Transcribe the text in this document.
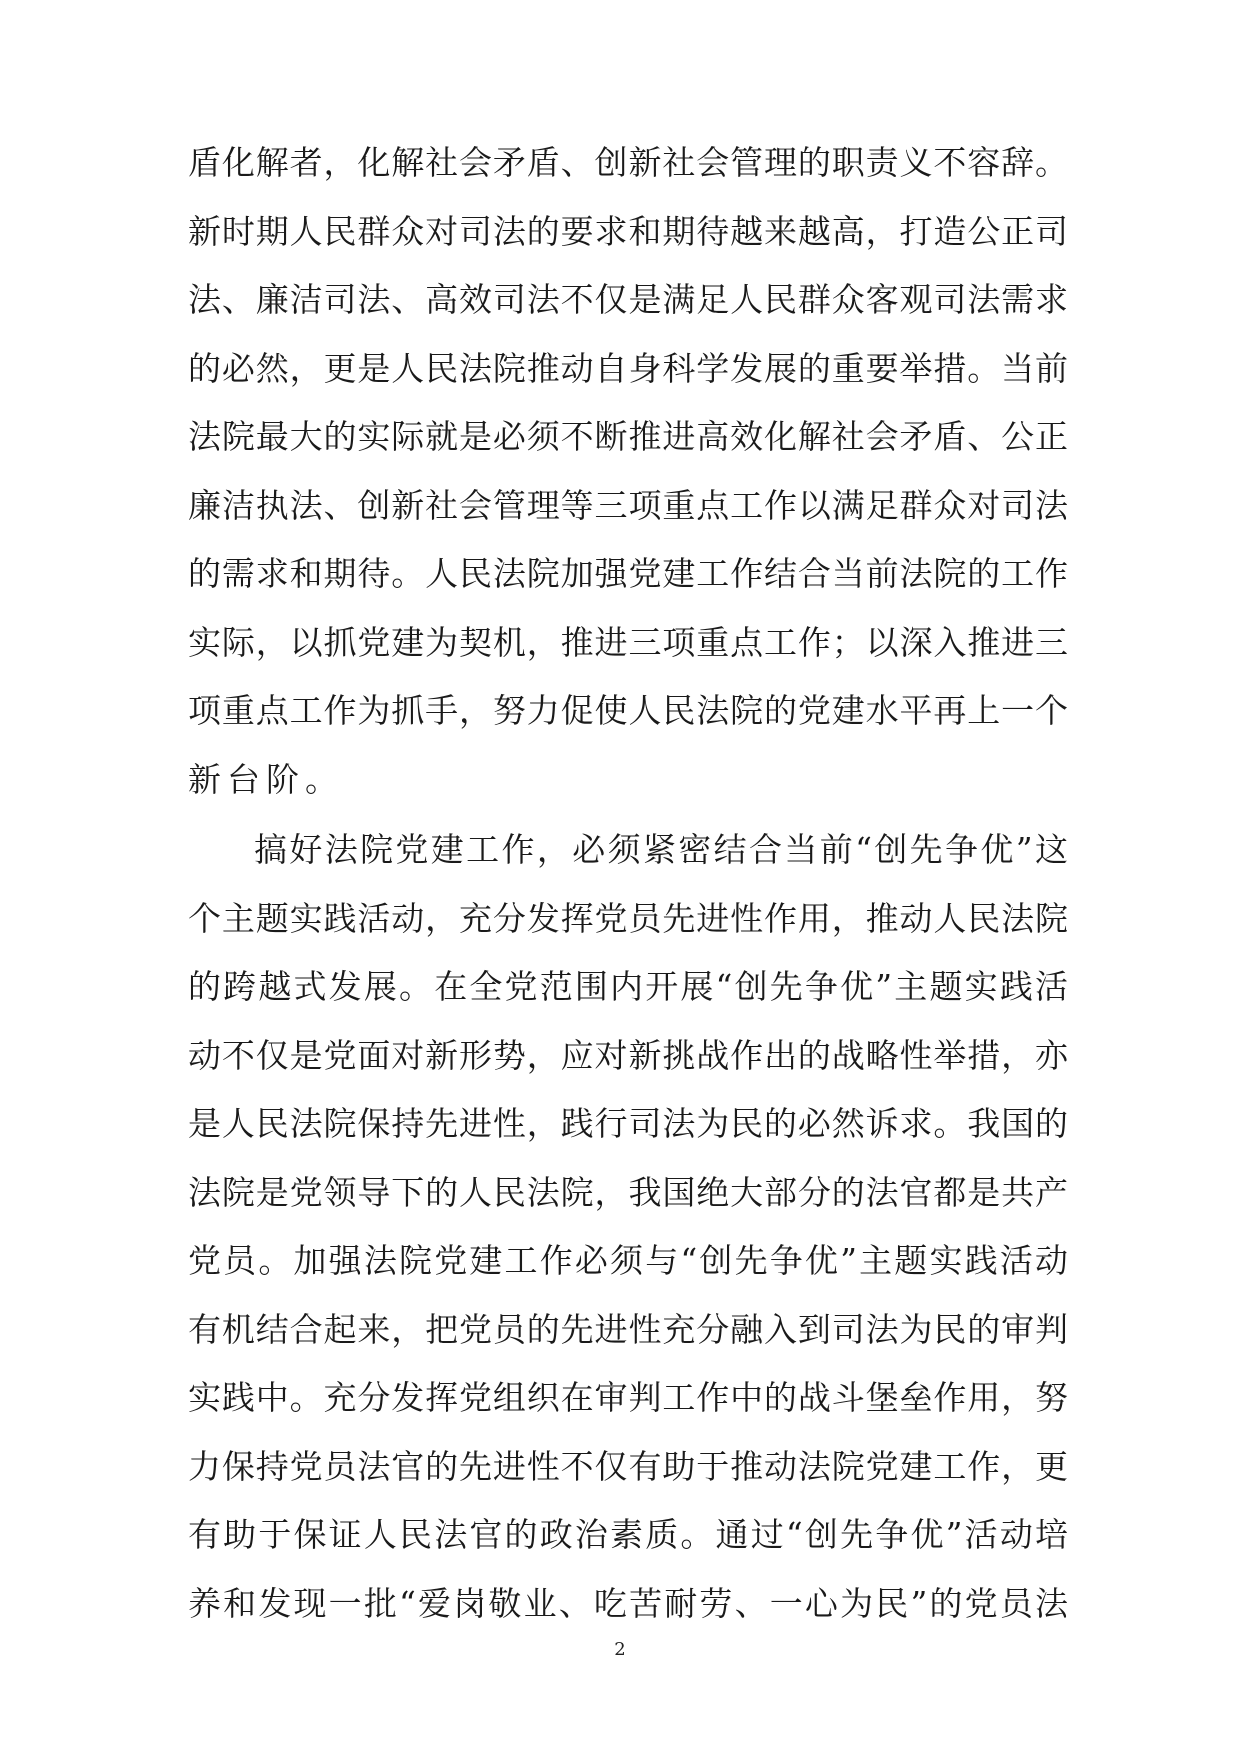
盾化解者，化解社会矛盾、创新社会管理的职责义不容辞。
新时期人民群众对司法的要求和期待越来越高，打造公正司
法、廉洁司法、高效司法不仅是满足人民群众客观司法需求
的必然，更是人民法院推动自身科学发展的重要举措。当前
法院最大的实际就是必须不断推进高效化解社会矛盾、公正
廉洁执法、创新社会管理等三项重点工作以满足群众对司法
的需求和期待。人民法院加强党建工作结合当前法院的工作
实际，以抓党建为契机，推进三项重点工作；以深入推进三
项重点工作为抓手，努力促使人民法院的党建水平再上一个
新台阶。
搞好法院党建工作，必须紧密结合当前“创先争优”这
个主题实践活动，充分发挥党员先进性作用，推动人民法院
的跨越式发展。在全党范围内开展“创先争优”主题实践活
动不仅是党面对新形势，应对新挑战作出的战略性举措，亦
是人民法院保持先进性，践行司法为民的必然诉求。我国的
法院是党领导下的人民法院，我国绝大部分的法官都是共产
党员。加强法院党建工作必须与“创先争优”主题实践活动
有机结合起来，把党员的先进性充分融入到司法为民的审判
实践中。充分发挥党组织在审判工作中的战斗堡垒作用，努
力保持党员法官的先进性不仅有助于推动法院党建工作，更
有助于保证人民法官的政治素质。通过“创先争优”活动培
养和发现一批“爱岗敬业、吃苦耐劳、一心为民”的党员法
2
